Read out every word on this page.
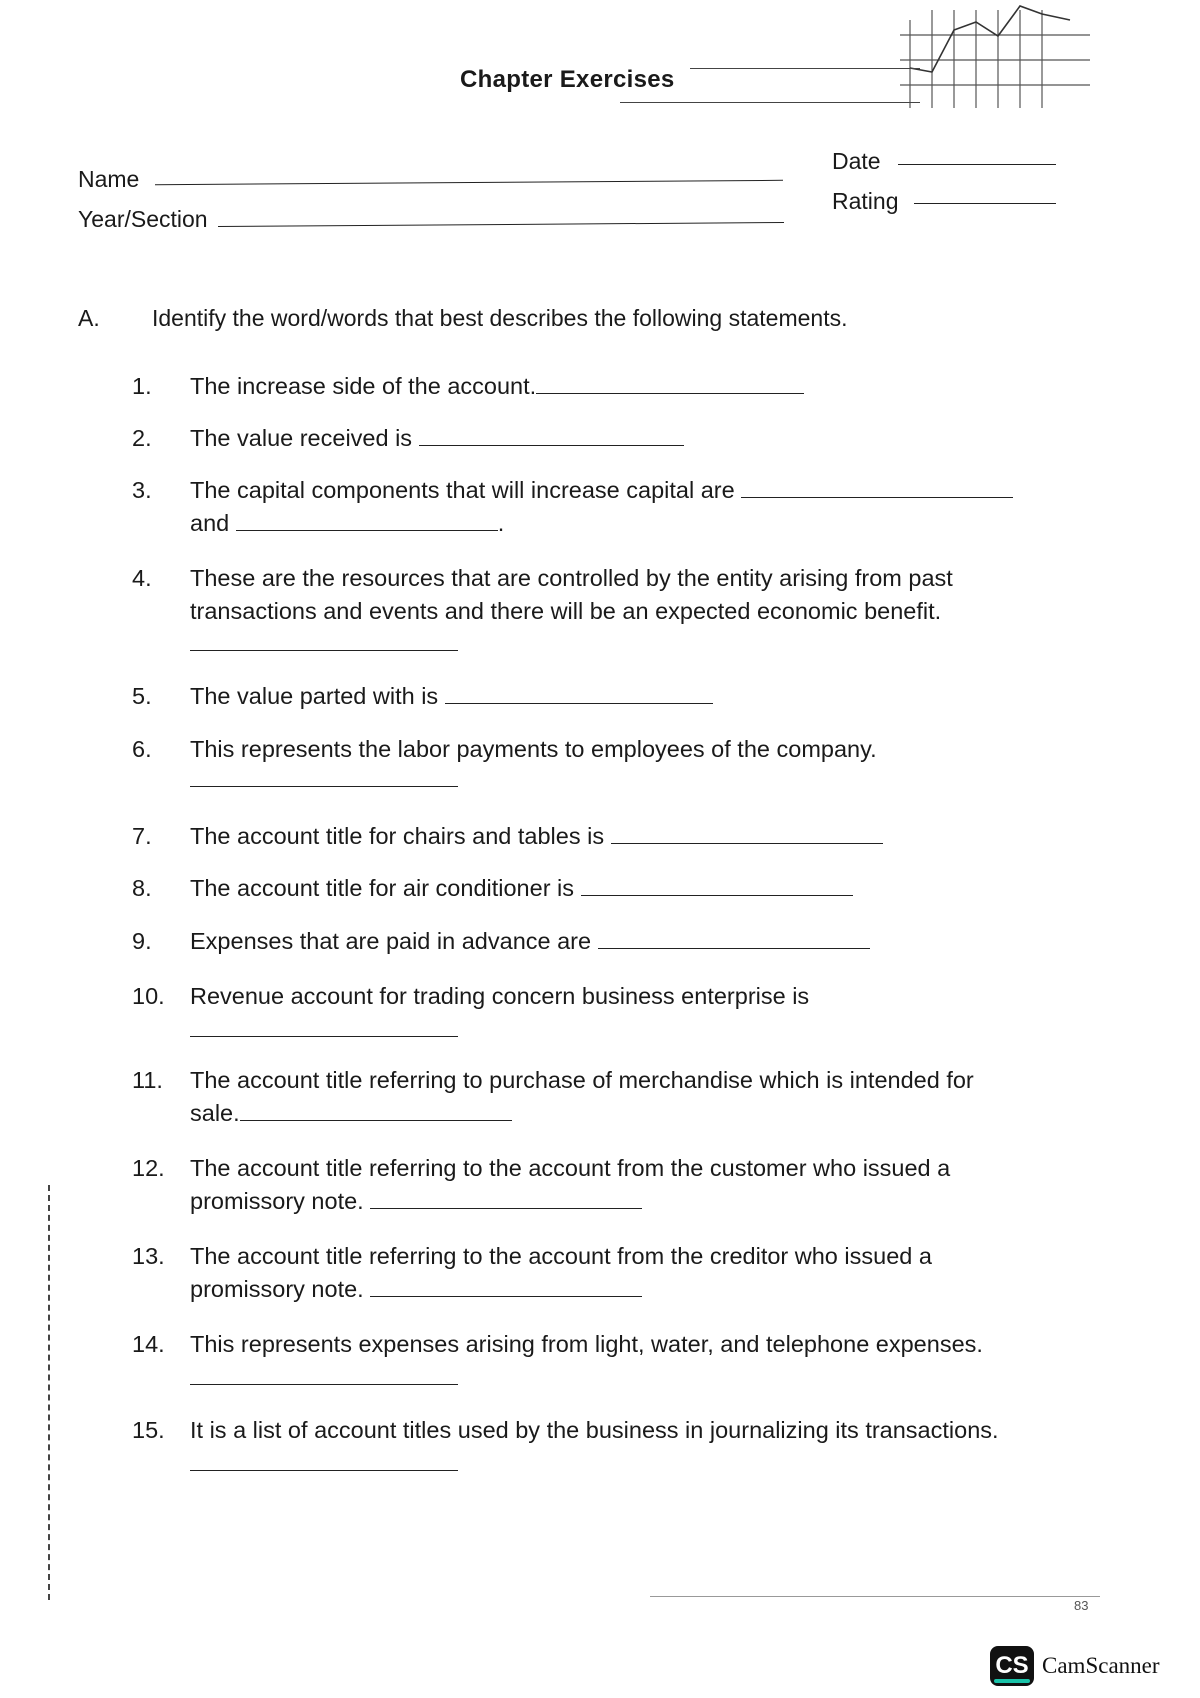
Chapter Exercises
Name
Year/Section
Date
Rating
A. Identify the word/words that best describes the following statements.
1.	The increase side of the account.
2.	The value received is
3.	The capital components that will increase capital are
and	.
4.	These are the resources that are controlled by the entity arising from past
transactions and events and there will be an expected economic benefit.
5.	The value parted with is
6.	This represents the labor payments to employees of the company.
7.	The account title for chairs and tables is
8.	The account title for air conditioner is
9.	Expenses that are paid in advance are
10.	Revenue account for trading concern business enterprise is
11.	The account title referring to purchase of merchandise which is intended for
sale.
12.	The account title referring to the account from the customer who issued a
promissory note.
13.	The account title referring to the account from the creditor who issued a
promissory note.
14.	This represents expenses arising from light, water, and telephone expenses.
15.	It is a list of account titles used by the business in journalizing its transactions.
83
CS CamScanner
